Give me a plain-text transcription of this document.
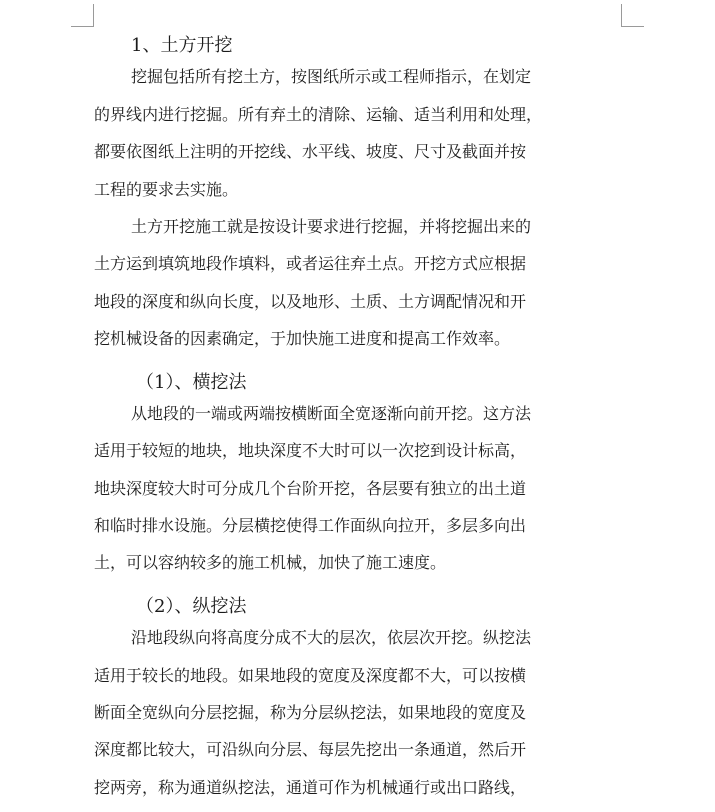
1、土方开挖
挖掘包括所有挖土方，按图纸所示或工程师指示，在划定
的界线内进行挖掘。所有弃土的清除、运输、适当利用和处理，
都要依图纸上注明的开挖线、水平线、坡度、尺寸及截面并按
工程的要求去实施。
土方开挖施工就是按设计要求进行挖掘，并将挖掘出来的
土方运到填筑地段作填料，或者运往弃土点。开挖方式应根据
地段的深度和纵向长度，以及地形、土质、土方调配情况和开
挖机械设备的因素确定，于加快施工进度和提高工作效率。
（1）、横挖法
从地段的一端或两端按横断面全宽逐渐向前开挖。这方法
适用于较短的地块，地块深度不大时可以一次挖到设计标高，
地块深度较大时可分成几个台阶开挖，各层要有独立的出土道
和临时排水设施。分层横挖使得工作面纵向拉开，多层多向出
土，可以容纳较多的施工机械，加快了施工速度。
（2）、纵挖法
沿地段纵向将高度分成不大的层次，依层次开挖。纵挖法
适用于较长的地段。如果地段的宽度及深度都不大，可以按横
断面全宽纵向分层挖掘，称为分层纵挖法，如果地段的宽度及
深度都比较大，可沿纵向分层、每层先挖出一条通道，然后开
挖两旁，称为通道纵挖法，通道可作为机械通行或出口路线，
